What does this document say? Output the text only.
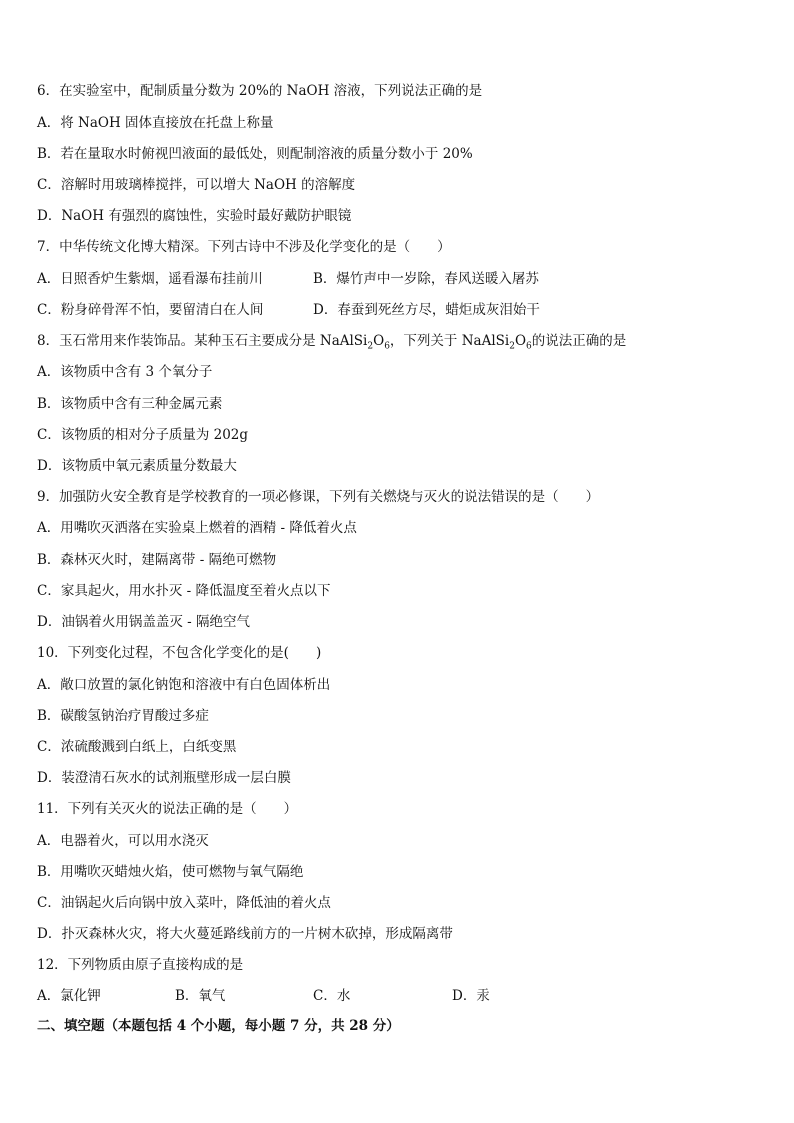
6．在实验室中，配制质量分数为 20%的 NaOH 溶液，下列说法正确的是
A．将 NaOH 固体直接放在托盘上称量
B．若在量取水时俯视凹液面的最低处，则配制溶液的质量分数小于 20%
C．溶解时用玻璃棒搅拌，可以增大 NaOH 的溶解度
D．NaOH 有强烈的腐蚀性，实验时最好戴防护眼镜
7．中华传统文化博大精深。下列古诗中不涉及化学变化的是（　　）
A．日照香炉生紫烟，遥看瀑布挂前川	B．爆竹声中一岁除，春风送暖入屠苏
C．粉身碎骨浑不怕，要留清白在人间	D．春蚕到死丝方尽，蜡炬成灰泪始干
8．玉石常用来作装饰品。某种玉石主要成分是 $NaAlSi_2O_6$，下列关于 $NaAlSi_2O_6$的说法正确的是
A．该物质中含有 3 个氧分子
B．该物质中含有三种金属元素
C．该物质的相对分子质量为 202g
D．该物质中氧元素质量分数最大
9．加强防火安全教育是学校教育的一项必修课，下列有关燃烧与灭火的说法错误的是（　　）
A．用嘴吹灭洒落在实验桌上燃着的酒精 - 降低着火点
B．森林灭火时，建隔离带 - 隔绝可燃物
C．家具起火，用水扑灭 - 降低温度至着火点以下
D．油锅着火用锅盖盖灭 - 隔绝空气
10．下列变化过程，不包含化学变化的是(　　)
A．敞口放置的氯化钠饱和溶液中有白色固体析出
B．碳酸氢钠治疗胃酸过多症
C．浓硫酸溅到白纸上，白纸变黑
D．装澄清石灰水的试剂瓶壁形成一层白膜
11．下列有关灭火的说法正确的是（　　）
A．电器着火，可以用水浇灭
B．用嘴吹灭蜡烛火焰，使可燃物与氧气隔绝
C．油锅起火后向锅中放入菜叶，降低油的着火点
D．扑灭森林火灾，将大火蔓延路线前方的一片树木砍掉，形成隔离带
12．下列物质由原子直接构成的是
A．氯化钾	B．氧气	C．水	D．汞
二、填空题（本题包括 4 个小题，每小题 7 分，共 28 分）
